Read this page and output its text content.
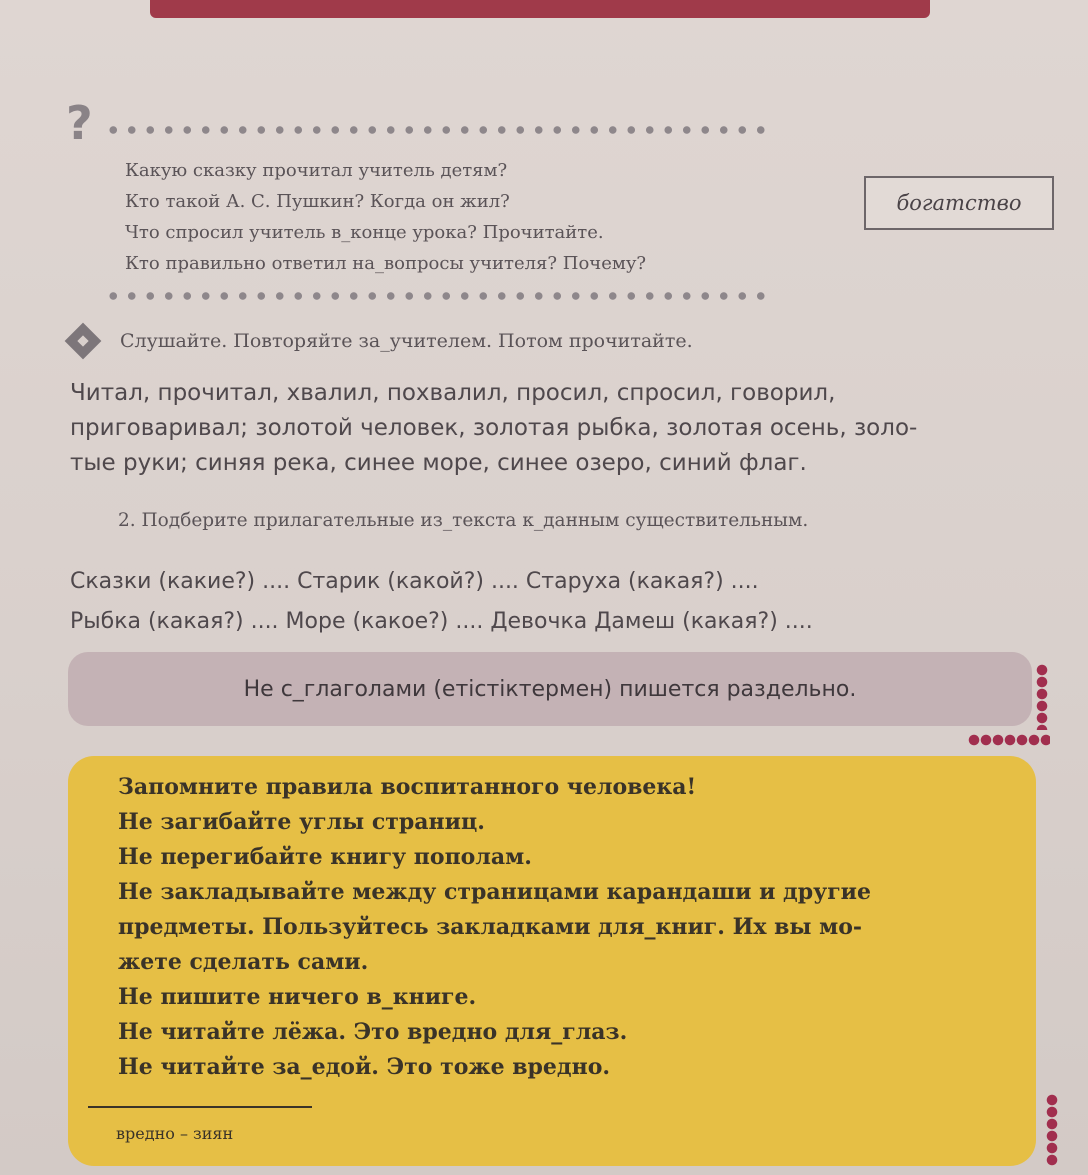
?
Какую сказку прочитал учитель детям?
Кто такой А. С. Пушкин? Когда он жил?
Что спросил учитель в_конце урока? Прочитайте.
Кто правильно ответил на_вопросы учителя? Почему?
богатство
Слушайте. Повторяйте за_учителем. Потом прочитайте.
Читал, прочитал, хвалил, похвалил, просил, спросил, говорил,
приговаривал; золотой человек, золотая рыбка, золотая осень, золо-
тые руки; синяя река, синее море, синее озеро, синий флаг.
2. Подберите прилагательные из_текста к_данным существительным.
Сказки (какие?) .... Старик (какой?) .... Старуха (какая?) ....
Рыбка (какая?) .... Море (какое?) .... Девочка Дамеш (какая?) ....
Не с_глаголами (етістіктермен) пишется раздельно.
Запомните правила воспитанного человека!
Не загибайте углы страниц.
Не перегибайте книгу пополам.
Не закладывайте между страницами карандаши и другие
предметы. Пользуйтесь закладками для_книг. Их вы мо-
жете сделать сами.
Не пишите ничего в_книге.
Не читайте лёжа. Это вредно для_глаз.
Не читайте за_едой. Это тоже вредно.
вредно – зиян
